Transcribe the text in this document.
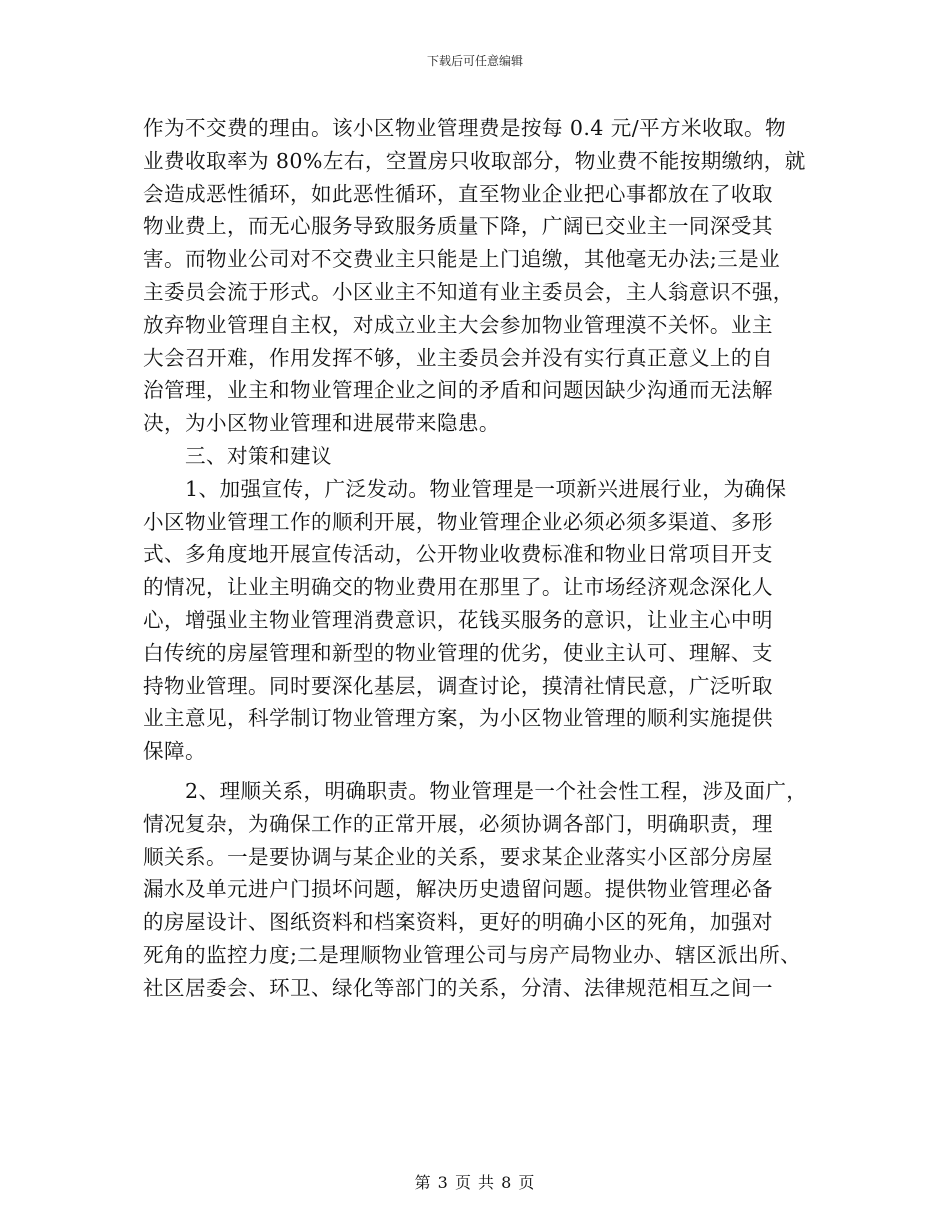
下载后可任意编辑
作为不交费的理由。该小区物业管理费是按每 0.4 元/平方米收取。物
业费收取率为 80%左右，空置房只收取部分，物业费不能按期缴纳，就
会造成恶性循环，如此恶性循环，直至物业企业把心事都放在了收取
物业费上，而无心服务导致服务质量下降，广阔已交业主一同深受其
害。而物业公司对不交费业主只能是上门追缴，其他毫无办法;三是业
主委员会流于形式。小区业主不知道有业主委员会，主人翁意识不强，
放弃物业管理自主权，对成立业主大会参加物业管理漠不关怀。业主
大会召开难，作用发挥不够，业主委员会并没有实行真正意义上的自
治管理，业主和物业管理企业之间的矛盾和问题因缺少沟通而无法解
决，为小区物业管理和进展带来隐患。
　　三、对策和建议
　　1、加强宣传，广泛发动。物业管理是一项新兴进展行业，为确保
小区物业管理工作的顺利开展，物业管理企业必须必须多渠道、多形
式、多角度地开展宣传活动，公开物业收费标准和物业日常项目开支
的情况，让业主明确交的物业费用在那里了。让市场经济观念深化人
心，增强业主物业管理消费意识，花钱买服务的意识，让业主心中明
白传统的房屋管理和新型的物业管理的优劣，使业主认可、理解、支
持物业管理。同时要深化基层，调查讨论，摸清社情民意，广泛听取
业主意见，科学制订物业管理方案，为小区物业管理的顺利实施提供
保障。
　　2、理顺关系，明确职责。物业管理是一个社会性工程，涉及面广，
情况复杂，为确保工作的正常开展，必须协调各部门，明确职责，理
顺关系。一是要协调与某企业的关系，要求某企业落实小区部分房屋
漏水及单元进户门损坏问题，解决历史遗留问题。提供物业管理必备
的房屋设计、图纸资料和档案资料，更好的明确小区的死角，加强对
死角的监控力度;二是理顺物业管理公司与房产局物业办、辖区派出所、
社区居委会、环卫、绿化等部门的关系，分清、法律规范相互之间一
第 3 页 共 8 页
